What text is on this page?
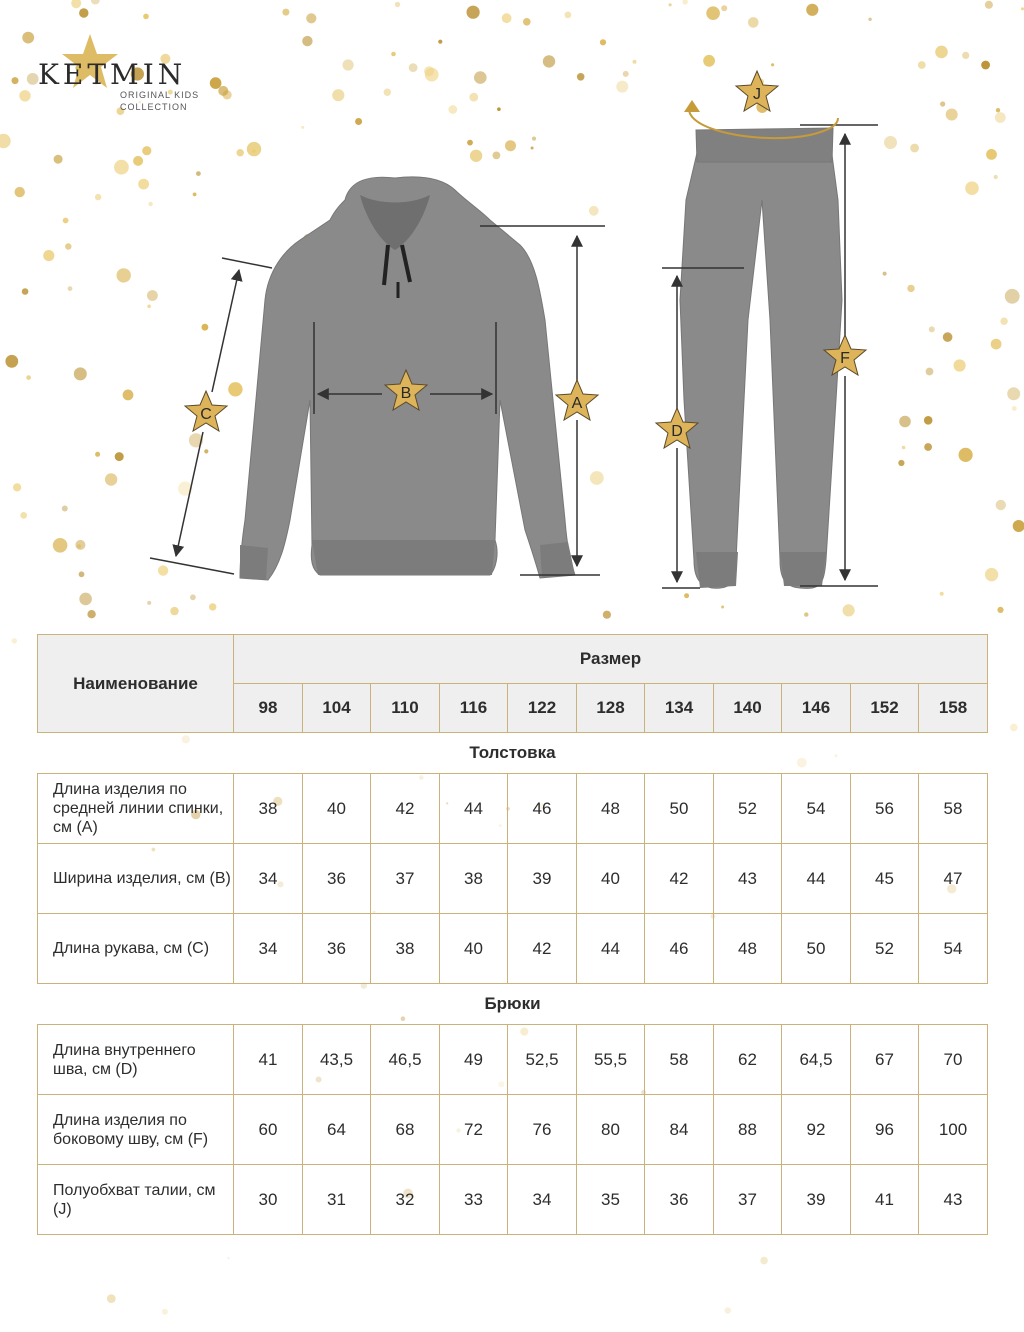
KETMIN
ORIGINAL KIDS
COLLECTION
B
A
C
D
F
J
Наименование	Размер										
	98	104	110	116	122	128	134	140	146	152	158
Толстовка											
Длина изделия по средней линии спинки, см (А)	38	40	42	44	46	48	50	52	54	56	58
Ширина изделия, см (В)	34	36	37	38	39	40	42	43	44	45	47
Длина рукава, см (С)	34	36	38	40	42	44	46	48	50	52	54
Брюки											
Длина внутреннего шва, см (D)	41	43,5	46,5	49	52,5	55,5	58	62	64,5	67	70
Длина изделия по боковому шву, см (F)	60	64	68	72	76	80	84	88	92	96	100
Полуобхват талии, см (J)	30	31	32	33	34	35	36	37	39	41	43
